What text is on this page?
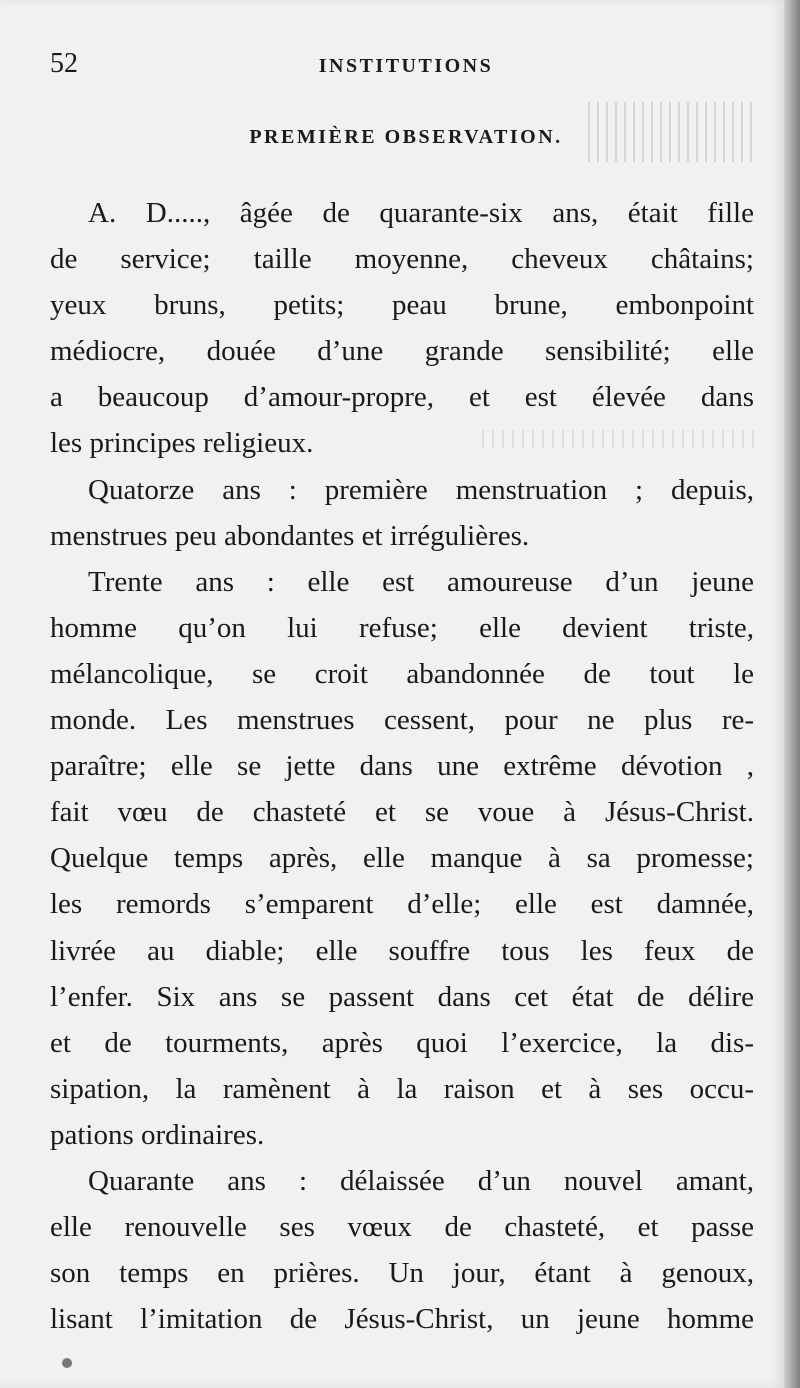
52	INSTITUTIONS
PREMIÈRE OBSERVATION.
A. D....., âgée de quarante-six ans, était fille
de service; taille moyenne, cheveux châtains;
yeux bruns, petits; peau brune, embonpoint
médiocre, douée d’une grande sensibilité; elle
a beaucoup d’amour-propre, et est élevée dans
les principes religieux.
Quatorze ans : première menstruation ; depuis,
menstrues peu abondantes et irrégulières.
Trente ans : elle est amoureuse d’un jeune
homme qu’on lui refuse; elle devient triste,
mélancolique, se croit abandonnée de tout le
monde. Les menstrues cessent, pour ne plus re-
paraître; elle se jette dans une extrême dévotion ,
fait vœu de chasteté et se voue à Jésus-Christ.
Quelque temps après, elle manque à sa promesse;
les remords s’emparent d’elle; elle est damnée,
livrée au diable; elle souffre tous les feux de
l’enfer. Six ans se passent dans cet état de délire
et de tourments, après quoi l’exercice, la dis-
sipation, la ramènent à la raison et à ses occu-
pations ordinaires.
Quarante ans : délaissée d’un nouvel amant,
elle renouvelle ses vœux de chasteté, et passe
son temps en prières. Un jour, étant à genoux,
lisant l’imitation de Jésus-Christ, un jeune homme
